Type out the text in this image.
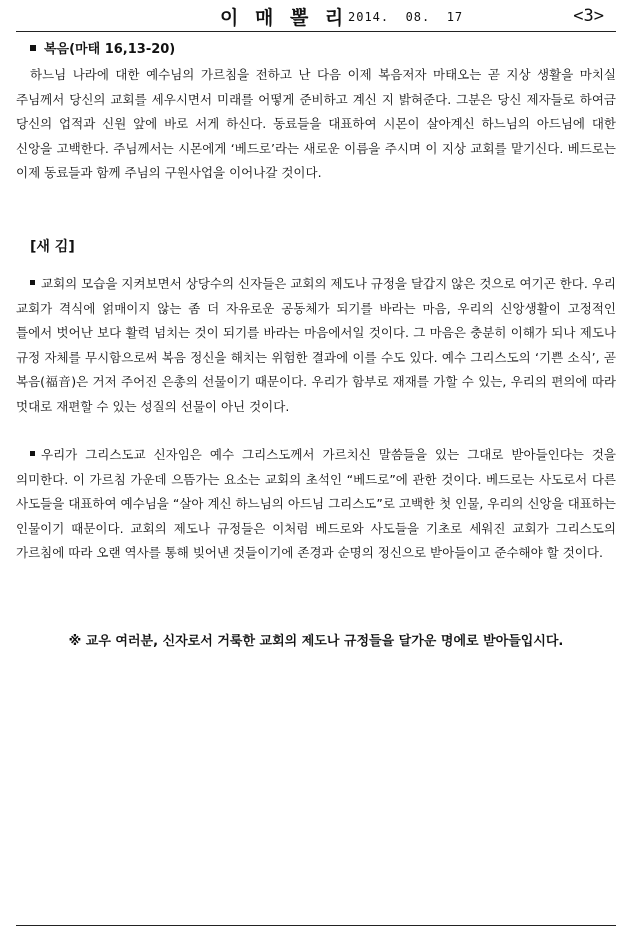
이 매 뽈 리 2014.  08.  17	<3>
복음(마태 16,13-20)
하느님 나라에 대한 예수님의 가르침을 전하고 난 다음 이제 복음저자 마태오는 곧 지상 생활을 마치실 주님께서 당신의 교회를 세우시면서 미래를 어떻게 준비하고 계신 지 밝혀준다. 그분은 당신 제자들로 하여금 당신의 업적과 신원 앞에 바로 서게 하신다. 동료들을 대표하여 시몬이 살아계신 하느님의 아드님에 대한 신앙을 고백한다. 주님께서는 시몬에게 ‘베드로’라는 새로운 이름을 주시며 이 지상 교회를 맡기신다. 베드로는 이제 동료들과 함께 주님의 구원사업을 이어나갈 것이다.
[새 김]
교회의 모습을 지켜보면서 상당수의 신자들은 교회의 제도나 규정을 달갑지 않은 것으로 여기곤 한다. 우리 교회가 격식에 얽매이지 않는 좀 더 자유로운 공동체가 되기를 바라는 마음, 우리의 신앙생활이 고정적인 틀에서 벗어난 보다 활력 넘치는 것이 되기를 바라는 마음에서일 것이다. 그 마음은 충분히 이해가 되나 제도나 규정 자체를 무시함으로써 복음 정신을 해치는 위험한 결과에 이를 수도 있다. 예수 그리스도의 ‘기쁜 소식’, 곧 복음(福音)은 거저 주어진 은총의 선물이기 때문이다. 우리가 함부로 재재를 가할 수 있는, 우리의 편의에 따라 멋대로 재편할 수 있는 성질의 선물이 아닌 것이다.
우리가 그리스도교 신자임은 예수 그리스도께서 가르치신 말씀들을 있는 그대로 받아들인다는 것을 의미한다. 이 가르침 가운데 으뜸가는 요소는 교회의 초석인 “베드로”에 관한 것이다. 베드로는 사도로서 다른 사도들을 대표하여 예수님을 “살아 계신 하느님의 아드님 그리스도”로 고백한 첫 인물, 우리의 신앙을 대표하는 인물이기 때문이다. 교회의 제도나 규정들은 이처럼 베드로와 사도들을 기초로 세워진 교회가 그리스도의 가르침에 따라 오랜 역사를 통해 빚어낸 것들이기에 존경과 순명의 정신으로 받아들이고 준수해야 할 것이다.
※ 교우 여러분, 신자로서 거룩한 교회의 제도나 규정들을 달가운 명에로 받아들입시다.
